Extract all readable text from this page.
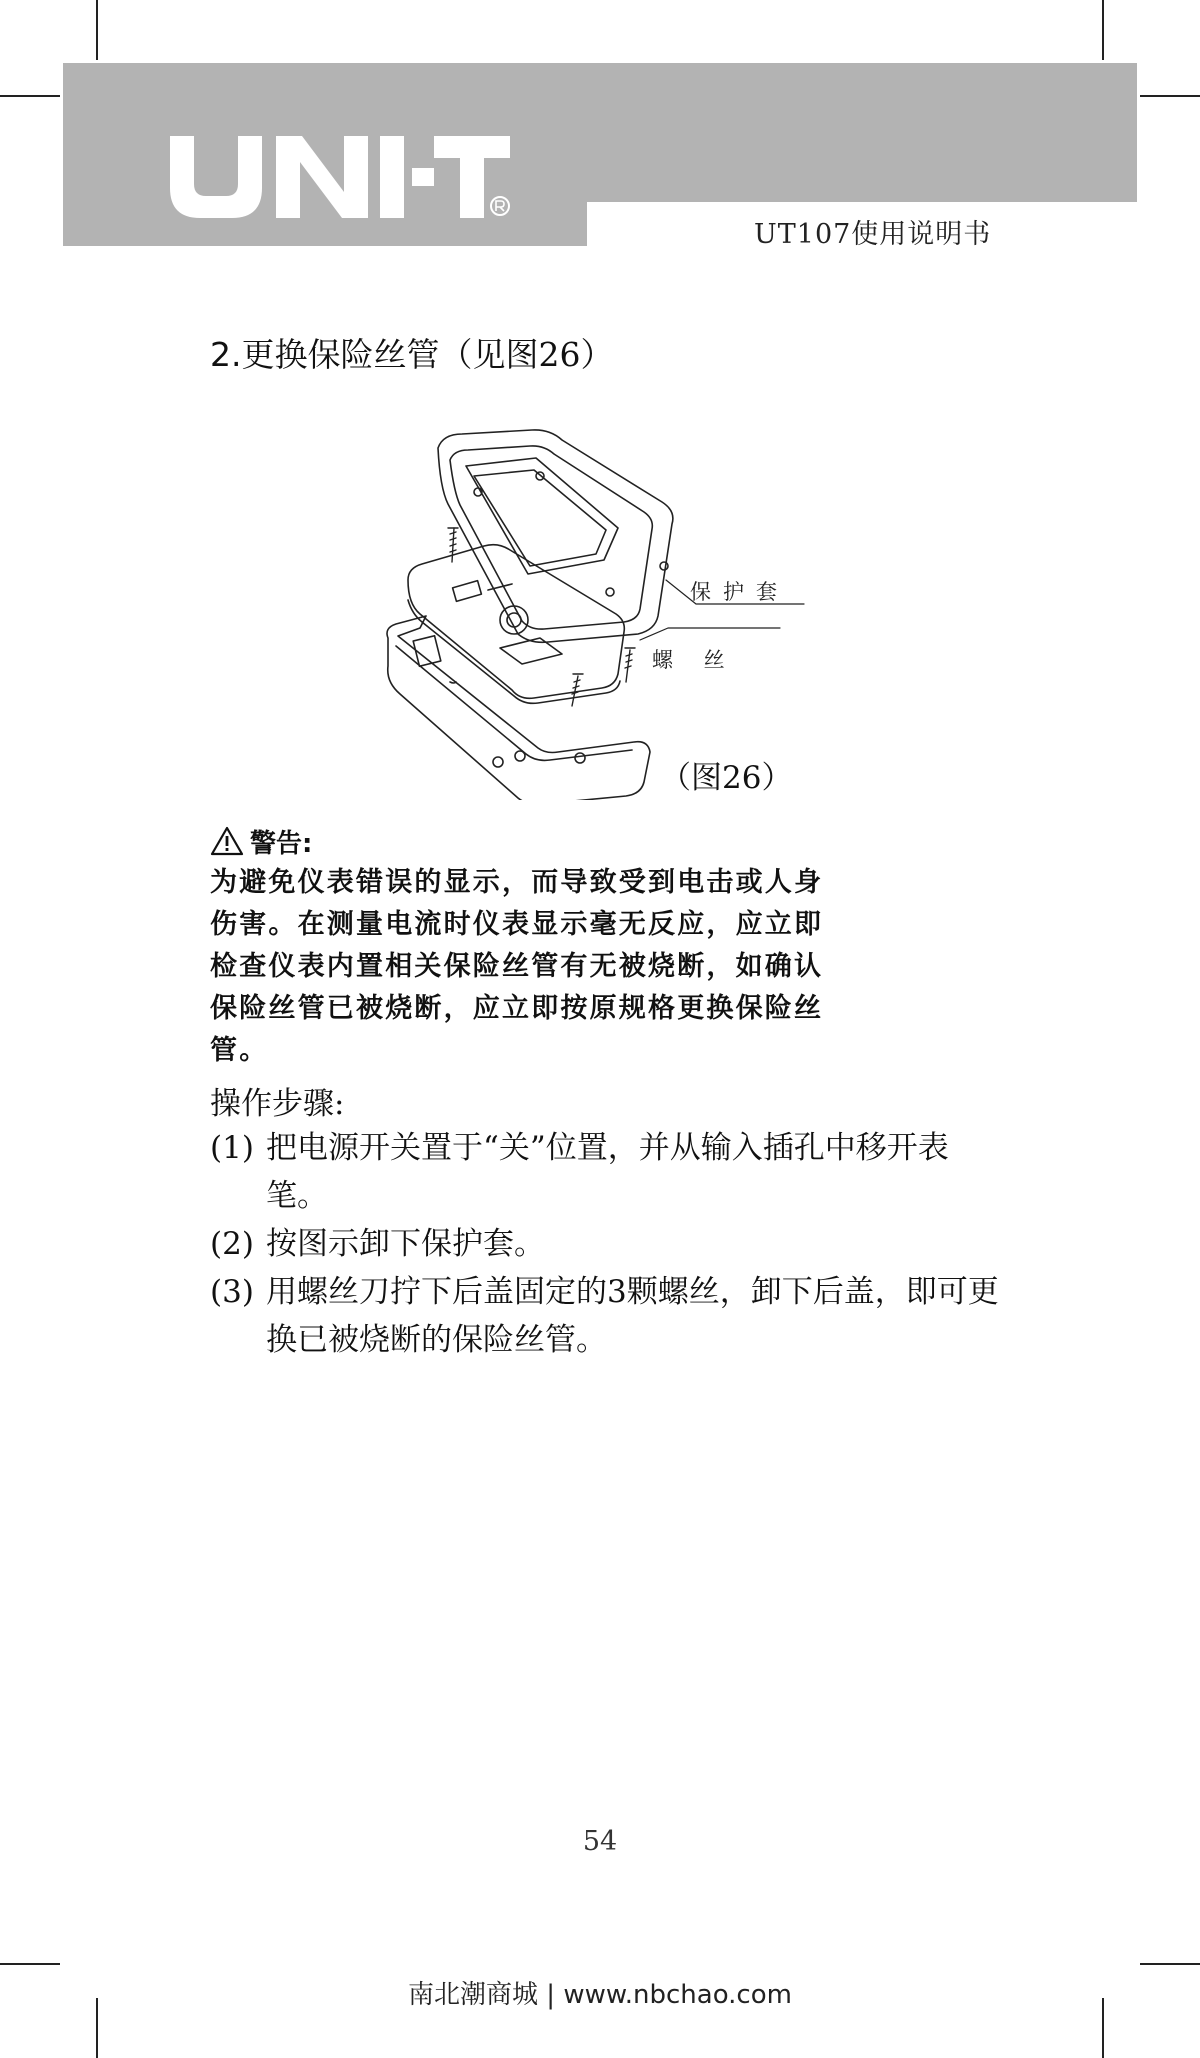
UT107使用说明书
2.更换保险丝管（见图26）
保护套
螺 丝
（图26）
警告:
为避免仪表错误的显示，而导致受到电击或人身
伤害。在测量电流时仪表显示毫无反应，应立即
检查仪表内置相关保险丝管有无被烧断，如确认
保险丝管已被烧断，应立即按原规格更换保险丝
管。
操作步骤:
(1) 把电源开关置于“关”位置，并从输入插孔中移开表笔。
(2) 按图示卸下保护套。
(3) 用螺丝刀拧下后盖固定的3颗螺丝，卸下后盖，即可更换已被烧断的保险丝管。
54
南北潮商城 | www.nbchao.com
